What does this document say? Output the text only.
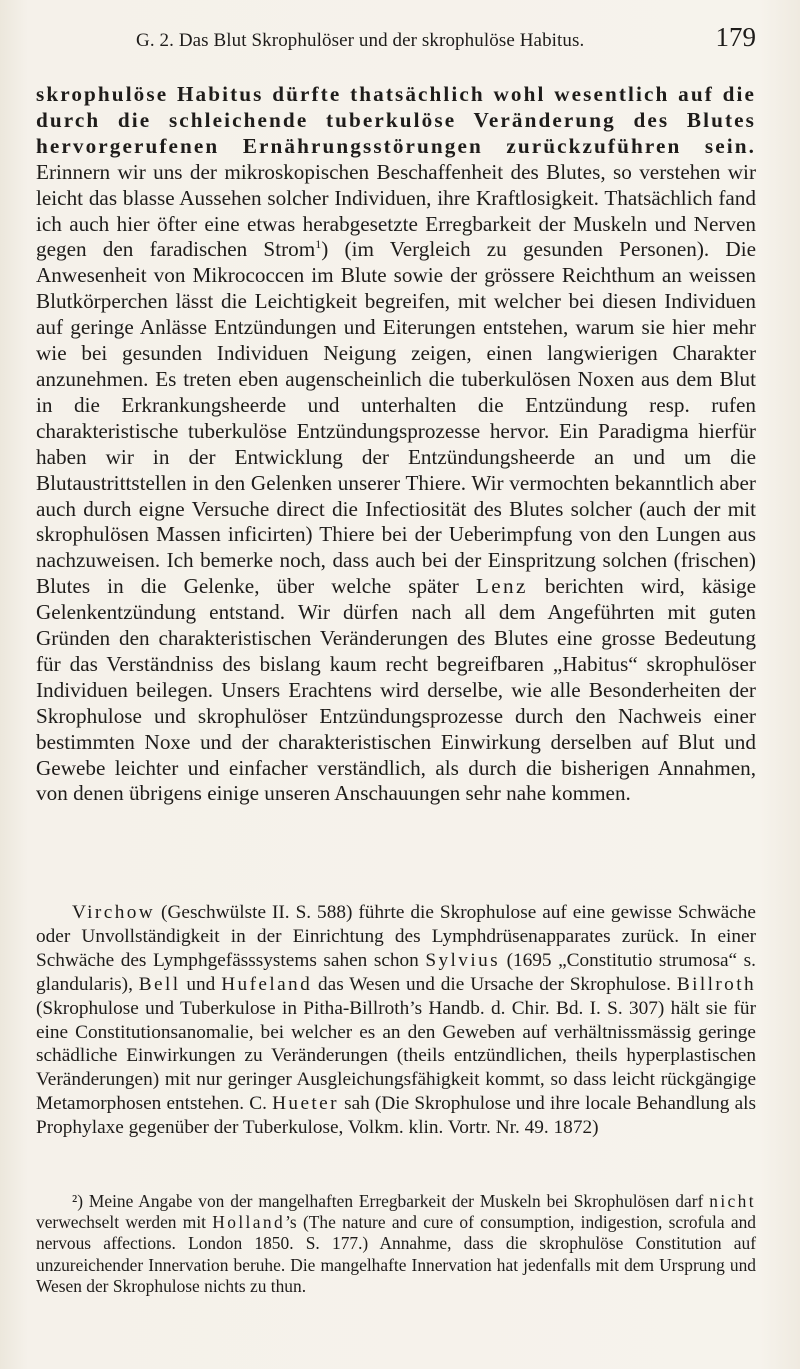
G. 2. Das Blut Skrophulöser und der skrophulöse Habitus.	179

skrophulöse Habitus dürfte thatsächlich wohl wesentlich auf die durch die schleichende tuberkulöse Veränderung des Blutes hervorgerufenen Ernährungsstörungen zurückzuführen sein. Erinnern wir uns der mikroskopischen Beschaffenheit des Blutes, so verstehen wir leicht das blasse Aussehen solcher Individuen, ihre Kraftlosigkeit. Thatsächlich fand ich auch hier öfter eine etwas herabgesetzte Erregbarkeit der Muskeln und Nerven gegen den faradischen Strom$^1$) (im Vergleich zu gesunden Personen). Die Anwesenheit von Mikrococcen im Blute sowie der grössere Reichthum an weissen Blutkörperchen lässt die Leichtigkeit begreifen, mit welcher bei diesen Individuen auf geringe Anlässe Entzündungen und Eiterungen entstehen, warum sie hier mehr wie bei gesunden Individuen Neigung zeigen, einen langwierigen Charakter anzunehmen. Es treten eben augenscheinlich die tuberkulösen Noxen aus dem Blut in die Erkrankungsheerde und unterhalten die Entzündung resp. rufen charakteristische tuberkulöse Entzündungsprozesse hervor. Ein Paradigma hierfür haben wir in der Entwicklung der Entzündungsheerde an und um die Blutaustrittstellen in den Gelenken unserer Thiere. Wir vermochten bekanntlich aber auch durch eigne Versuche direct die Infectiosität des Blutes solcher (auch der mit skrophulösen Massen inficirten) Thiere bei der Ueberimpfung von den Lungen aus nachzuweisen. Ich bemerke noch, dass auch bei der Einspritzung solchen (frischen) Blutes in die Gelenke, über welche später Lenz berichten wird, käsige Gelenkentzündung entstand. Wir dürfen nach all dem Angeführten mit guten Gründen den charakteristischen Veränderungen des Blutes eine grosse Bedeutung für das Verständniss des bislang kaum recht begreifbaren „Habitus“ skrophulöser Individuen beilegen. Unsers Erachtens wird derselbe, wie alle Besonderheiten der Skrophulose und skrophulöser Entzündungsprozesse durch den Nachweis einer bestimmten Noxe und der charakteristischen Einwirkung derselben auf Blut und Gewebe leichter und einfacher verständlich, als durch die bisherigen Annahmen, von denen übrigens einige unseren Anschauungen sehr nahe kommen.

Virchow (Geschwülste II. S. 588) führte die Skrophulose auf eine gewisse Schwäche oder Unvollständigkeit in der Einrichtung des Lymphdrüsenapparates zurück. In einer Schwäche des Lymphgefässsystems sahen schon Sylvius (1695 „Constitutio strumosa“ s. glandularis), Bell und Hufeland das Wesen und die Ursache der Skrophulose. Billroth (Skrophulose und Tuberkulose in Pitha-Billroth’s Handb. d. Chir. Bd. I. S. 307) hält sie für eine Constitutionsanomalie, bei welcher es an den Geweben auf verhältnissmässig geringe schädliche Einwirkungen zu Veränderungen (theils entzündlichen, theils hyperplastischen Veränderungen) mit nur geringer Ausgleichungsfähigkeit kommt, so dass leicht rückgängige Metamorphosen entstehen. C. Hueter sah (Die Skrophulose und ihre locale Behandlung als Prophylaxe gegenüber der Tuberkulose, Volkm. klin. Vortr. Nr. 49. 1872)

²) Meine Angabe von der mangelhaften Erregbarkeit der Muskeln bei Skrophulösen darf nicht verwechselt werden mit Holland’s (The nature and cure of consumption, indigestion, scrofula and nervous affections. London 1850. S. 177.) Annahme, dass die skrophulöse Constitution auf unzureichender Innervation beruhe. Die mangelhafte Innervation hat jedenfalls mit dem Ursprung und Wesen der Skrophulose nichts zu thun.
